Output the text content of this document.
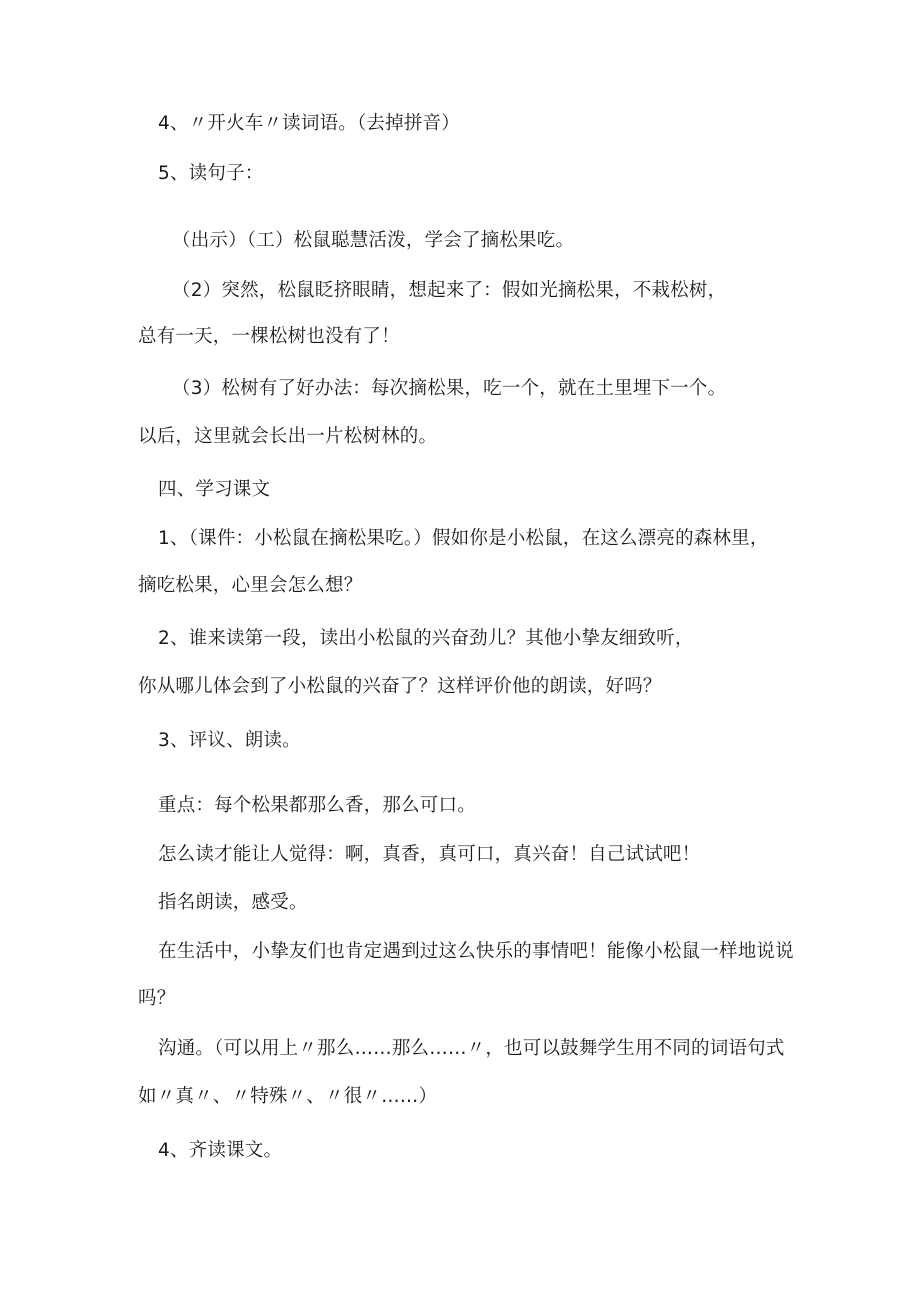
4、〃开火车〃读词语。（去掉拼音）
5、读句子：
（出示）（工）松鼠聪慧活泼，学会了摘松果吃。
（2）突然，松鼠眨挤眼睛，想起来了：假如光摘松果，不栽松树，
总有一天，一棵松树也没有了！
（3）松树有了好办法：每次摘松果，吃一个，就在土里埋下一个。
以后，这里就会长出一片松树林的。
四、学习课文
1、（课件：小松鼠在摘松果吃。）假如你是小松鼠，在这么漂亮的森林里，
摘吃松果，心里会怎么想？
2、谁来读第一段，读出小松鼠的兴奋劲儿？其他小挚友细致听，
你从哪儿体会到了小松鼠的兴奋了？这样评价他的朗读，好吗？
3、评议、朗读。
重点：每个松果都那么香，那么可口。
怎么读才能让人觉得：啊，真香，真可口，真兴奋！自己试试吧！
指名朗读，感受。
在生活中，小挚友们也肯定遇到过这么快乐的事情吧！能像小松鼠一样地说说
吗？
沟通。（可以用上〃那么……那么……〃，也可以鼓舞学生用不同的词语句式
如〃真〃、〃特殊〃、〃很〃……）
4、齐读课文。
